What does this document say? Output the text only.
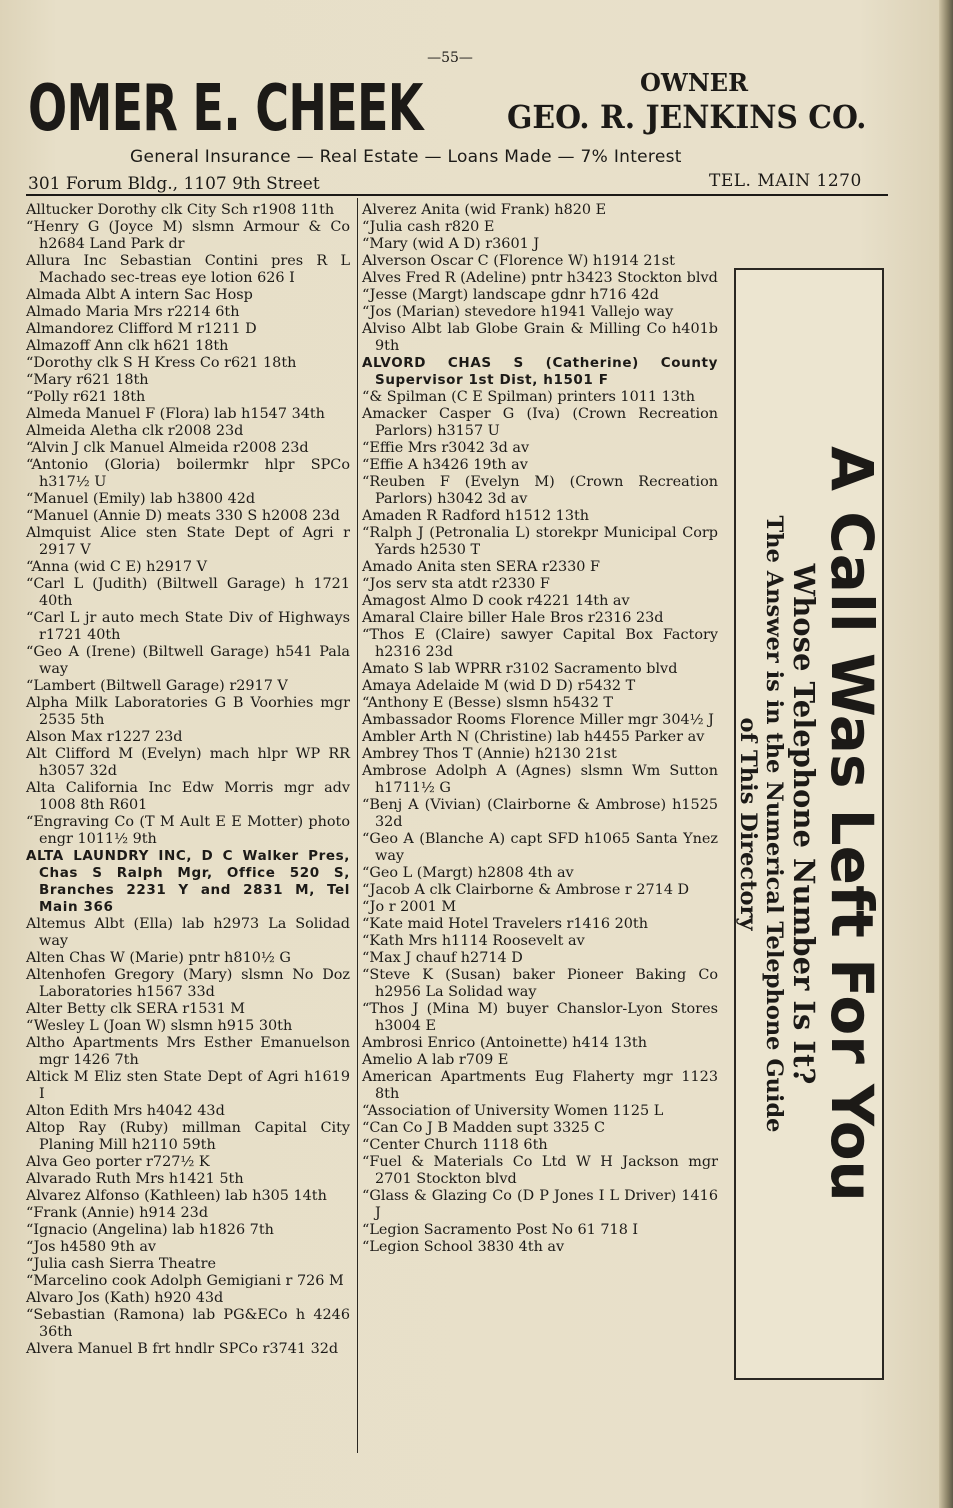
—55—
OMER E. CHEEK	OWNER
GEO. R. JENKINS CO.
General Insurance — Real Estate — Loans Made — 7% Interest
301 Forum Bldg., 1107 9th Street	TEL. MAIN 1270

Alltucker Dorothy clk City Sch r1908 11th

“Henry G (Joyce M) slsmn Armour & Co h2684 Land Park dr

Allura Inc Sebastian Contini pres R L Machado sec-treas eye lotion 626 I

Almada Albt A intern Sac Hosp

Almado Maria Mrs r2214 6th

Almandorez Clifford M r1211 D

Almazoff Ann clk h621 18th

“Dorothy clk S H Kress Co r621 18th

“Mary r621 18th

“Polly r621 18th

Almeda Manuel F (Flora) lab h1547 34th

Almeida Aletha clk r2008 23d

“Alvin J clk Manuel Almeida r2008 23d

“Antonio (Gloria) boilermkr hlpr SPCo h317½ U

“Manuel (Emily) lab h3800 42d

“Manuel (Annie D) meats 330 S h2008 23d

Almquist Alice sten State Dept of Agri r 2917 V

“Anna (wid C E) h2917 V

“Carl L (Judith) (Biltwell Garage) h 1721 40th

“Carl L jr auto mech State Div of Highways r1721 40th

“Geo A (Irene) (Biltwell Garage) h541 Pala way

“Lambert (Biltwell Garage) r2917 V

Alpha Milk Laboratories G B Voorhies mgr 2535 5th

Alson Max r1227 23d

Alt Clifford M (Evelyn) mach hlpr WP RR h3057 32d

Alta California Inc Edw Morris mgr adv 1008 8th R601

“Engraving Co (T M Ault E E Motter) photo engr 1011½ 9th

ALTA LAUNDRY INC, D C Walker Pres, Chas S Ralph Mgr, Office 520 S, Branches 2231 Y and 2831 M, Tel Main 366

Altemus Albt (Ella) lab h2973 La Solidad way

Alten Chas W (Marie) pntr h810½ G

Altenhofen Gregory (Mary) slsmn No Doz Laboratories h1567 33d

Alter Betty clk SERA r1531 M

“Wesley L (Joan W) slsmn h915 30th

Altho Apartments Mrs Esther Emanuelson mgr 1426 7th

Altick M Eliz sten State Dept of Agri h1619 I

Alton Edith Mrs h4042 43d

Altop Ray (Ruby) millman Capital City Planing Mill h2110 59th

Alva Geo porter r727½ K

Alvarado Ruth Mrs h1421 5th

Alvarez Alfonso (Kathleen) lab h305 14th

“Frank (Annie) h914 23d

“Ignacio (Angelina) lab h1826 7th

“Jos h4580 9th av

“Julia cash Sierra Theatre

“Marcelino cook Adolph Gemigiani r 726 M

Alvaro Jos (Kath) h920 43d

“Sebastian (Ramona) lab PG&ECo h 4246 36th

Alvera Manuel B frt hndlr SPCo r3741 32d

Alverez Anita (wid Frank) h820 E

“Julia cash r820 E

“Mary (wid A D) r3601 J

Alverson Oscar C (Florence W) h1914 21st

Alves Fred R (Adeline) pntr h3423 Stockton blvd

“Jesse (Margt) landscape gdnr h716 42d

“Jos (Marian) stevedore h1941 Vallejo way

Alviso Albt lab Globe Grain & Milling Co h401b 9th

ALVORD CHAS S (Catherine) County Supervisor 1st Dist, h1501 F

“& Spilman (C E Spilman) printers 1011 13th

Amacker Casper G (Iva) (Crown Recreation Parlors) h3157 U

“Effie Mrs r3042 3d av

“Effie A h3426 19th av

“Reuben F (Evelyn M) (Crown Recreation Parlors) h3042 3d av

Amaden R Radford h1512 13th

“Ralph J (Petronalia L) storekpr Municipal Corp Yards h2530 T

Amado Anita sten SERA r2330 F

“Jos serv sta atdt r2330 F

Amagost Almo D cook r4221 14th av

Amaral Claire biller Hale Bros r2316 23d

“Thos E (Claire) sawyer Capital Box Factory h2316 23d

Amato S lab WPRR r3102 Sacramento blvd

Amaya Adelaide M (wid D D) r5432 T

“Anthony E (Besse) slsmn h5432 T

Ambassador Rooms Florence Miller mgr 304½ J

Ambler Arth N (Christine) lab h4455 Parker av

Ambrey Thos T (Annie) h2130 21st

Ambrose Adolph A (Agnes) slsmn Wm Sutton h1711½ G

“Benj A (Vivian) (Clairborne & Ambrose) h1525 32d

“Geo A (Blanche A) capt SFD h1065 Santa Ynez way

“Geo L (Margt) h2808 4th av

“Jacob A clk Clairborne & Ambrose r 2714 D

“Jo r 2001 M

“Kate maid Hotel Travelers r1416 20th

“Kath Mrs h1114 Roosevelt av

“Max J chauf h2714 D

“Steve K (Susan) baker Pioneer Baking Co h2956 La Solidad way

“Thos J (Mina M) buyer Chanslor-Lyon Stores h3004 E

Ambrosi Enrico (Antoinette) h414 13th

Amelio A lab r709 E

American Apartments Eug Flaherty mgr 1123 8th

“Association of University Women 1125 L

“Can Co J B Madden supt 3325 C

“Center Church 1118 6th

“Fuel & Materials Co Ltd W H Jackson mgr 2701 Stockton blvd

“Glass & Glazing Co (D P Jones I L Driver) 1416 J

“Legion Sacramento Post No 61 718 I

“Legion School 3830 4th av

A Call Was Left For You
Whose Telephone Number Is It?
The Answer is in the Numerical Telephone Guide
of This Directory
